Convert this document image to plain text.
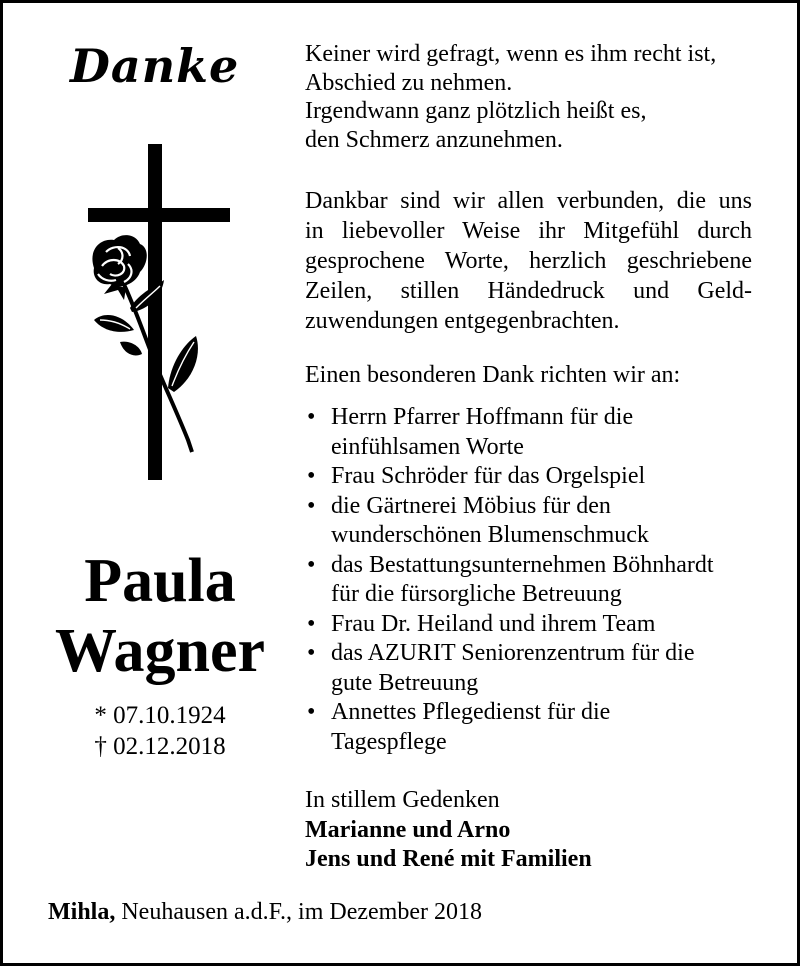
Danke
Paula
Wagner
* 07.10.1924
† 02.12.2018
Keiner wird gefragt, wenn es ihm recht ist,
Abschied zu nehmen.
Irgendwann ganz plötzlich heißt es,
den Schmerz anzunehmen.
Dankbar sind wir allen verbunden, die uns
in liebevoller Weise ihr Mitgefühl durch
gesprochene Worte, herzlich geschriebene
Zeilen, stillen Händedruck und Geld-
zuwendungen entgegenbrachten.
Einen besonderen Dank richten wir an:
• Herrn Pfarrer Hoffmann für die
einfühlsamen Worte
• Frau Schröder für das Orgelspiel
• die Gärtnerei Möbius für den
wunderschönen Blumenschmuck
• das Bestattungsunternehmen Böhnhardt
für die fürsorgliche Betreuung
• Frau Dr. Heiland und ihrem Team
• das AZURIT Seniorenzentrum für die
gute Betreuung
• Annettes Pflegedienst für die
Tagespflege
In stillem Gedenken
Marianne und Arno
Jens und René mit Familien
Mihla, Neuhausen a.d.F., im Dezember 2018
